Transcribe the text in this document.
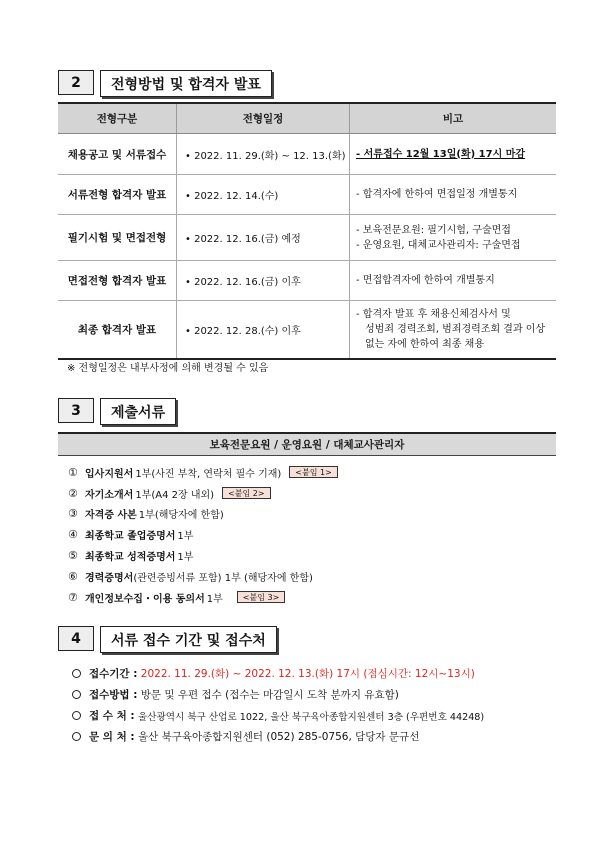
2	전형방법 및 합격자 발표
전형구분	전형일정	비고
채용공고 및 서류접수	• 2022. 11. 29.(화) ~ 12. 13.(화)	- 서류접수 12월 13일(화) 17시 마감
서류전형 합격자 발표	• 2022. 12. 14.(수)	- 합격자에 한하여 면접일정 개별통지
필기시험 및 면접전형	• 2022. 12. 16.(금) 예정	- 보육전문요원: 필기시험, 구술면접
- 운영요원, 대체교사관리자: 구술면접

면접전형 합격자 발표	• 2022. 12. 16.(금) 이후	- 면접합격자에 한하여 개별통지
최종 합격자 발표	• 2022. 12. 28.(수) 이후	- 합격자 발표 후 채용신체검사서 및
성범죄 경력조회, 범죄경력조회 결과 이상
없는 자에 한하여 최종 채용
※ 전형일정은 내부사정에 의해 변경될 수 있음
3	제출서류
보육전문요원 / 운영요원 / 대체교사관리자
① 입사지원서 1부(사진 부착, 연락처 필수 기재)	<붙임 1>
② 자기소개서 1부(A4 2장 내외)	<붙임 2>
③ 자격증 사본 1부(해당자에 한함)
④ 최종학교 졸업증명서 1부
⑤ 최종학교 성적증명서 1부
⑥ 경력증명서 (관련증빙서류 포함) 1부 (해당자에 한함)
⑦ 개인정보수집・이용 동의서 1부	<붙임 3>
4	서류 접수 기간 및 접수처
접수기간 :
2022. 11. 29.(화) ~ 2022. 12. 13.(화) 17시 (점심시간: 12시~13시)
접수방법 :
방문 및 우편 접수 (접수는 마감일시 도착 분까지 유효함)
접 수 처 :
울산광역시 북구 산업로 1022, 울산 북구육아종합지원센터 3층 (우편번호 44248)
문 의 처 :
울산 북구육아종합지원센터 (052) 285-0756, 담당자 문규선
